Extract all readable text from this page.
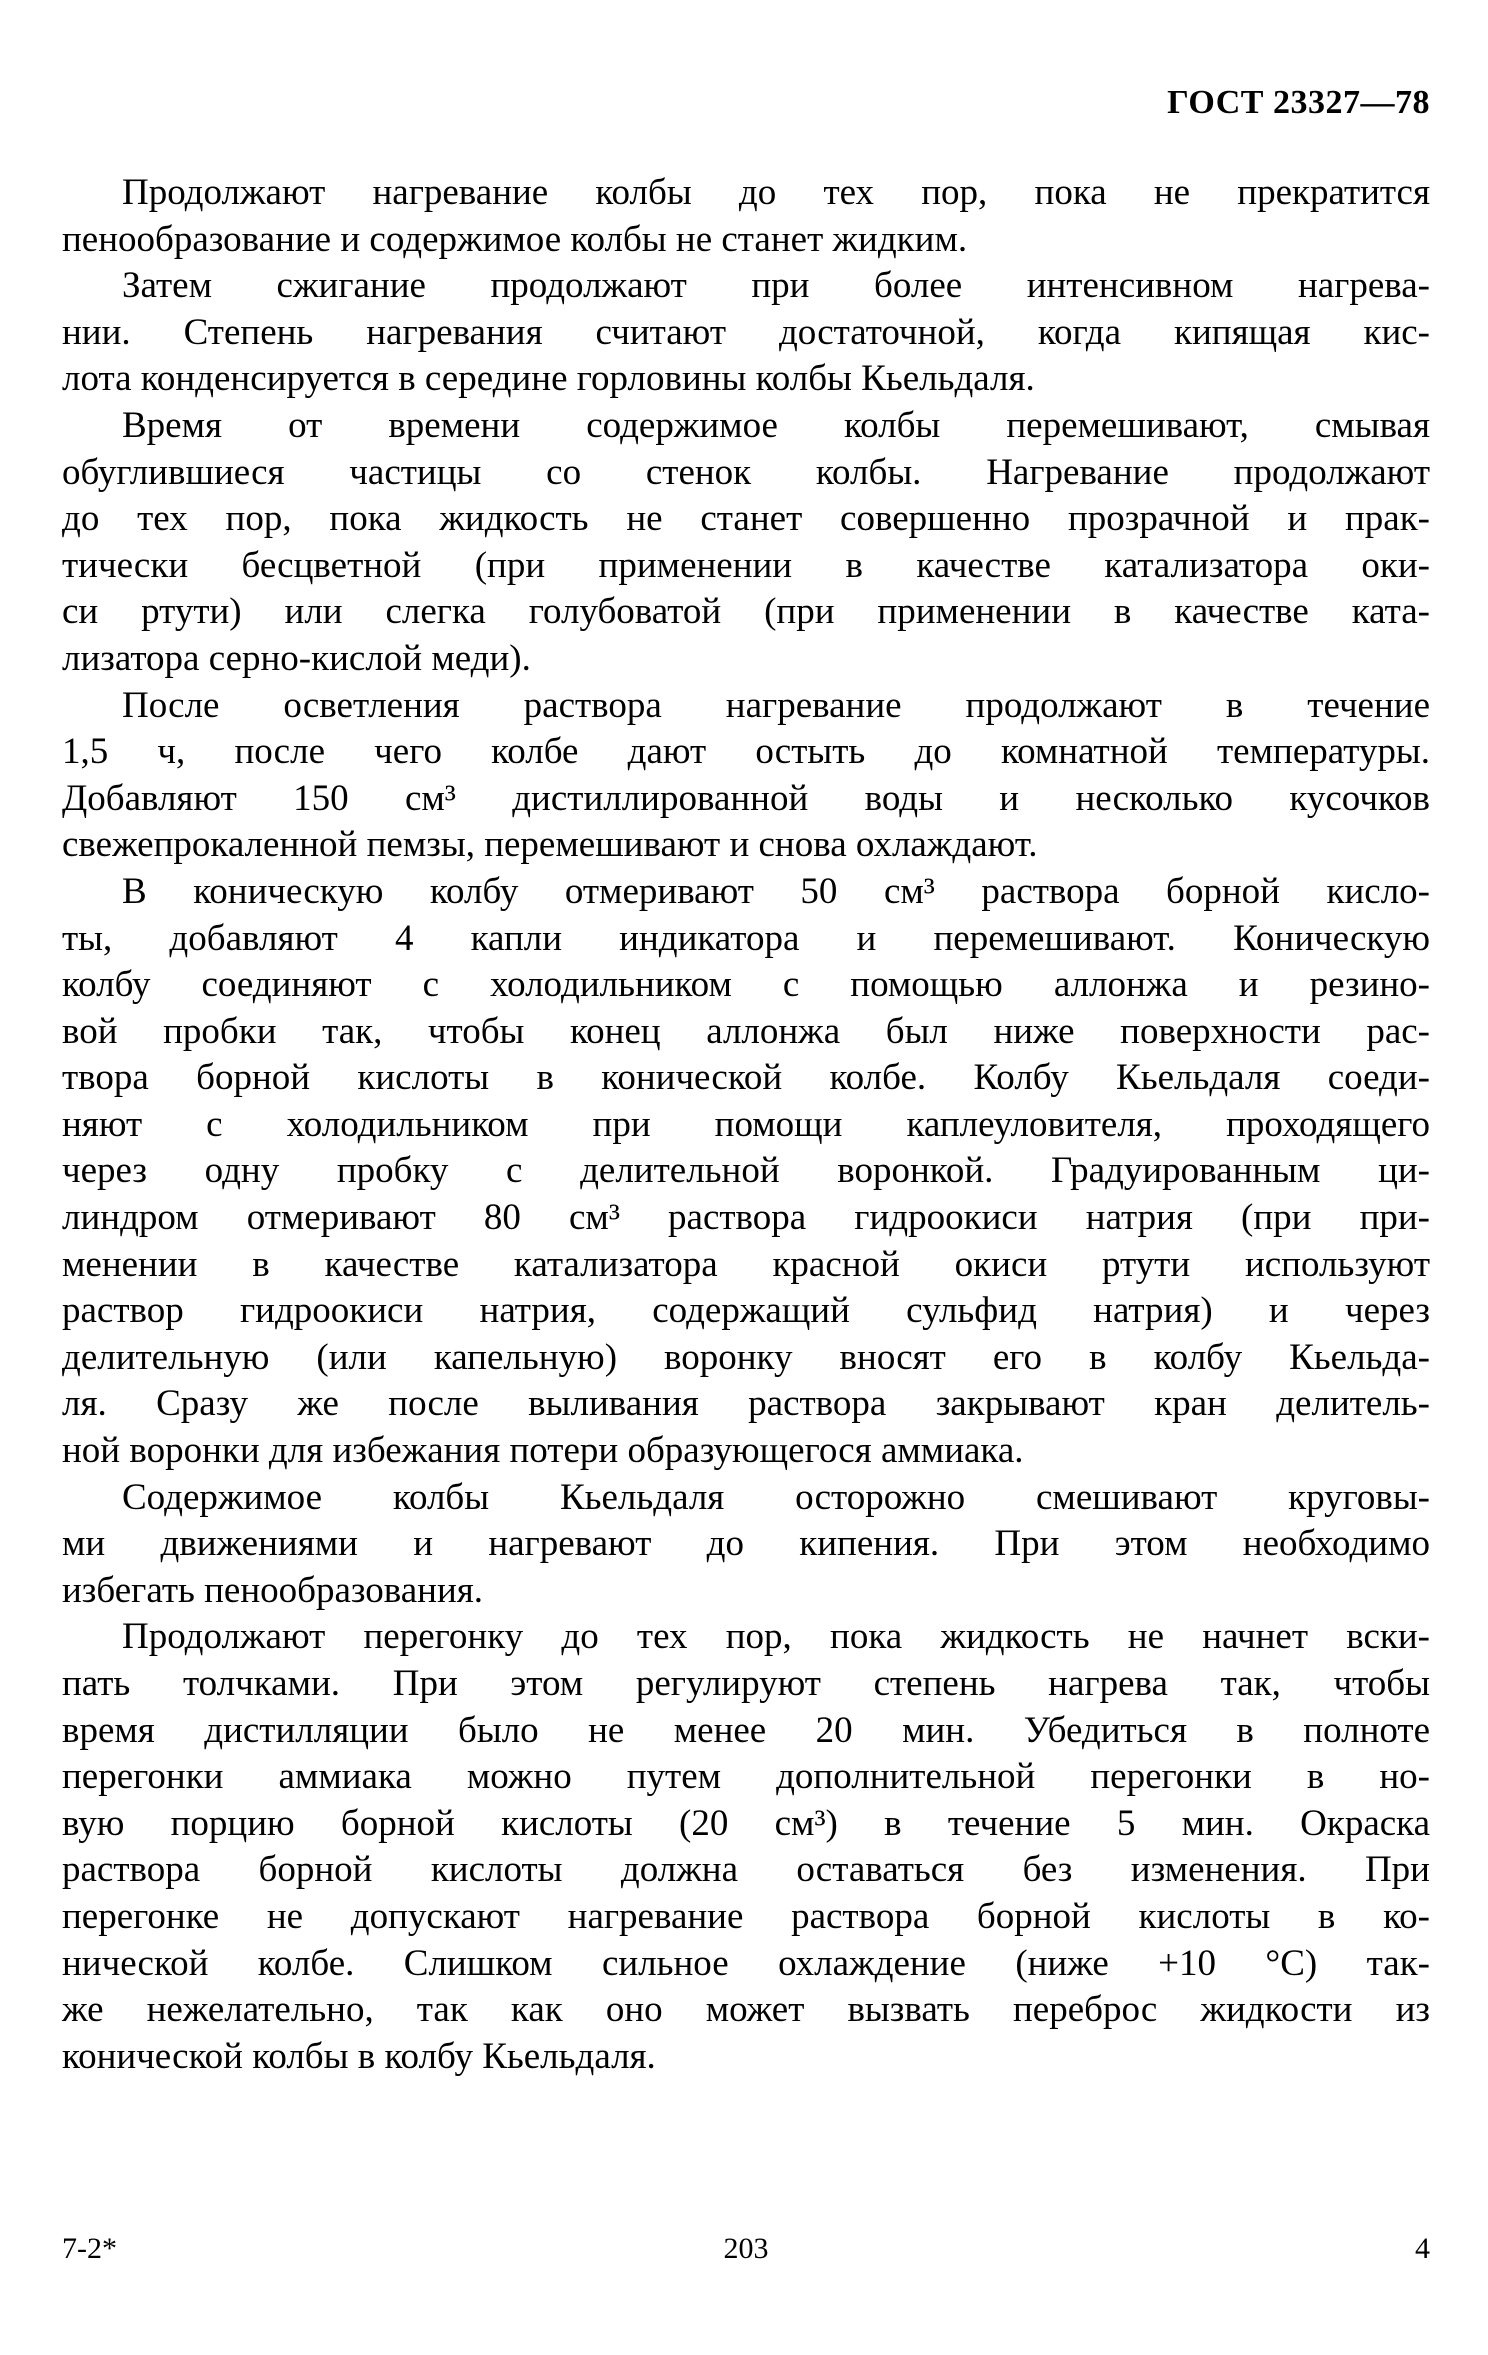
ГОСТ 23327—78
Продолжают нагревание колбы до тех пор, пока не прекратится
пенообразование и содержимое колбы не станет жидким.
Затем сжигание продолжают при более интенсивном нагрева-
нии. Степень нагревания считают достаточной, когда кипящая кис-
лота конденсируется в середине горловины колбы Кьельдаля.
Время от времени содержимое колбы перемешивают, смывая
обуглившиеся частицы со стенок колбы. Нагревание продолжают
до тех пор, пока жидкость не станет совершенно прозрачной и прак-
тически бесцветной (при применении в качестве катализатора оки-
си ртути) или слегка голубоватой (при применении в качестве ката-
лизатора серно-кислой меди).
После осветления раствора нагревание продолжают в течение
1,5 ч, после чего колбе дают остыть до комнатной температуры.
Добавляют 150 см³ дистиллированной воды и несколько кусочков
свежепрокаленной пемзы, перемешивают и снова охлаждают.
В коническую колбу отмеривают 50 см³ раствора борной кисло-
ты, добавляют 4 капли индикатора и перемешивают. Коническую
колбу соединяют с холодильником с помощью аллонжа и резино-
вой пробки так, чтобы конец аллонжа был ниже поверхности рас-
твора борной кислоты в конической колбе. Колбу Кьельдаля соеди-
няют с холодильником при помощи каплеуловителя, проходящего
через одну пробку с делительной воронкой. Градуированным ци-
линдром отмеривают 80 см³ раствора гидроокиси натрия (при при-
менении в качестве катализатора красной окиси ртути используют
раствор гидроокиси натрия, содержащий сульфид натрия) и через
делительную (или капельную) воронку вносят его в колбу Кьельда-
ля. Сразу же после выливания раствора закрывают кран делитель-
ной воронки для избежания потери образующегося аммиака.
Содержимое колбы Кьельдаля осторожно смешивают круговы-
ми движениями и нагревают до кипения. При этом необходимо
избегать пенообразования.
Продолжают перегонку до тех пор, пока жидкость не начнет вски-
пать толчками. При этом регулируют степень нагрева так, чтобы
время дистилляции было не менее 20 мин. Убедиться в полноте
перегонки аммиака можно путем дополнительной перегонки в но-
вую порцию борной кислоты (20 см³) в течение 5 мин. Окраска
раствора борной кислоты должна оставаться без изменения. При
перегонке не допускают нагревание раствора борной кислоты в ко-
нической колбе. Слишком сильное охлаждение (ниже +10 °С) так-
же нежелательно, так как оно может вызвать переброс жидкости из
конической колбы в колбу Кьельдаля.
7-2*	203	4
